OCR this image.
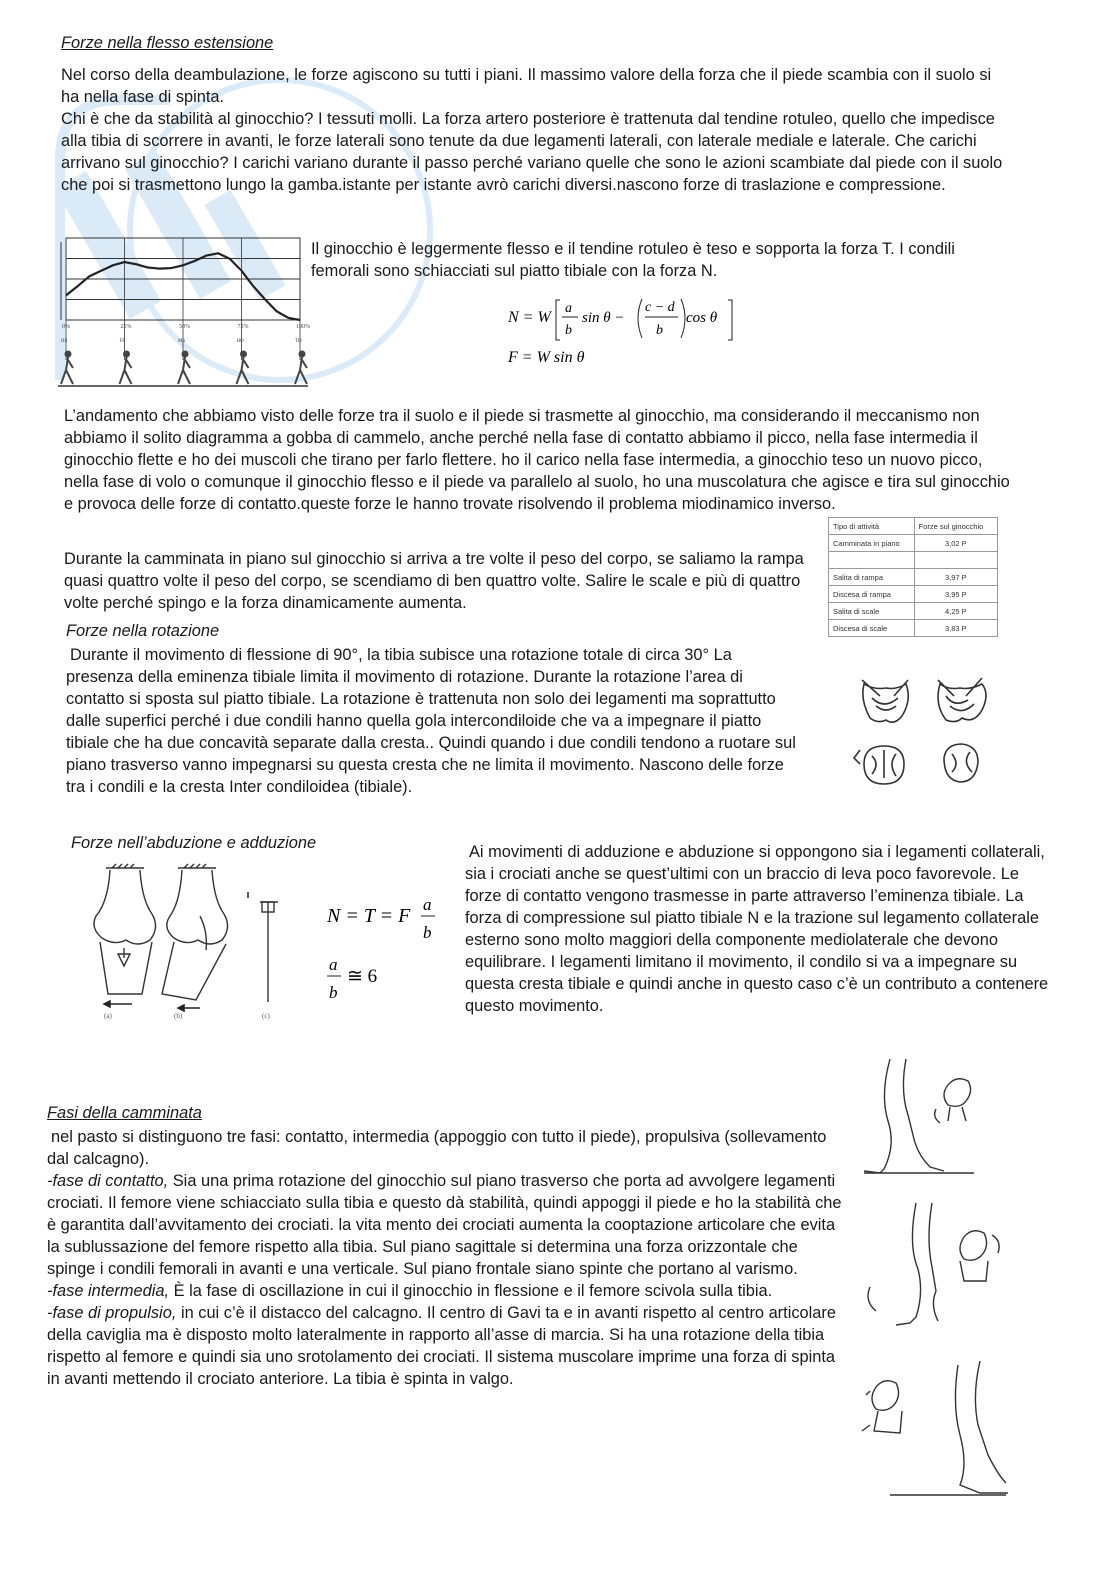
Forze nella flesso estensione

Nel corso della deambulazione, le forze agiscono su tutti i piani. Il massimo valore della forza che il piede scambia con il suolo si ha nella fase di spinta.

Chi è che da stabilità al ginocchio? I tessuti molli. La forza artero posteriore è trattenuta dal tendine rotuleo, quello che impedisce alla tibia di scorrere in avanti, le forze laterali sono tenute da due legamenti laterali, con laterale mediale e laterale. Che carichi arrivano sul ginocchio? I carichi variano durante il passo perché variano quelle che sono le azioni scambiate dal piede con il suolo che poi si trasmettono lungo la gamba.istante per istante avrò carichi diversi.nascono forze di traslazione e compressione.

0%
HS
25%
FF
50%
MS
75%
HO
100%
TO

Il ginocchio è leggermente flesso e il tendine rotuleo è teso e sopporta la forza T. I condili femorali sono schiacciati sul piatto tibiale con la forza N.

N = W
a
b
sin θ −
c − d
b
cos θ
F = W sin θ

L’andamento che abbiamo visto delle forze tra il suolo e il piede si trasmette al ginocchio, ma considerando il meccanismo non abbiamo il solito diagramma a gobba di cammelo, anche perché nella fase di contatto abbiamo il picco, nella fase intermedia il ginocchio flette e ho dei muscoli che tirano per farlo flettere. ho il carico nella fase intermedia, a ginocchio teso un nuovo picco, nella fase di volo o comunque il ginocchio flesso e il piede va parallelo al suolo, ho una muscolatura che agisce e tira sul ginocchio e provoca delle forze di contatto.queste forze le hanno trovate risolvendo il problema miodinamico inverso.

Tipo di attività	Forze sul ginocchio
Camminata in piano	3,02 P

Salita di rampa	3,97 P
Discesa di rampa	3,95 P
Salita di scale	4,25 P
Discesa di scale	3,83 P

Durante la camminata in piano sul ginocchio si arriva a tre volte il peso del corpo, se saliamo la rampa quasi quattro volte il peso del corpo, se scendiamo di ben quattro volte. Salire le scale e più di quattro volte perché spingo e la forza dinamicamente aumenta.

Forze nella rotazione

Durante il movimento di flessione di 90°, la tibia subisce una rotazione totale di circa 30° La presenza della eminenza tibiale limita il movimento di rotazione. Durante la rotazione l’area di contatto si sposta sul piatto tibiale. La rotazione è trattenuta non solo dei legamenti ma soprattutto dalle superfici perché i due condili hanno quella gola intercondiloide che va a impegnare il piatto tibiale che ha due concavità separate dalla cresta.. Quindi quando i due condili tendono a ruotare sul piano trasverso vanno impegnarsi su questa cresta che ne limita il movimento. Nascono delle forze tra i condili e la cresta Inter condiloidea (tibiale).

Forze nell’abduzione e adduzione

(a)	(b)	(c)
N = T = F
a
b
a
b
≅ 6

Ai movimenti di adduzione e abduzione si oppongono sia i legamenti collaterali, sia i crociati anche se quest’ultimi con un braccio di leva poco favorevole. Le forze di contatto vengono trasmesse in parte attraverso l’eminenza tibiale. La forza di compressione sul piatto tibiale N e la trazione sul legamento collaterale esterno sono molto maggiori della componente mediolaterale che devono equilibrare. I legamenti limitano il movimento, il condilo si va a impegnare su questa cresta tibiale e quindi anche in questo caso c’è un contributo a contenere questo movimento.

Fasi della camminata

nel pasto si distinguono tre fasi: contatto, intermedia (appoggio con tutto il piede), propulsiva (sollevamento dal calcagno).
-fase di contatto, Sia una prima rotazione del ginocchio sul piano trasverso che porta ad avvolgere legamenti crociati. Il femore viene schiacciato sulla tibia e questo dà stabilità, quindi appoggi il piede e ho la stabilità che è garantita dall’avvitamento dei crociati. la vita mento dei crociati aumenta la cooptazione articolare che evita la sublussazione del femore rispetto alla tibia. Sul piano sagittale si determina una forza orizzontale che spinge i condili femorali in avanti e una verticale. Sul piano frontale siano spinte che portano al varismo.
-fase intermedia, È la fase di oscillazione in cui il ginocchio in flessione e il femore scivola sulla tibia.
-fase di propulsio, in cui c’è il distacco del calcagno. Il centro di Gavi ta e in avanti rispetto al centro articolare della caviglia ma è disposto molto lateralmente in rapporto all’asse di marcia. Si ha una rotazione della tibia rispetto al femore e quindi sia uno srotolamento dei crociati. Il sistema muscolare imprime una forza di spinta in avanti mettendo il crociato anteriore. La tibia è spinta in valgo.
